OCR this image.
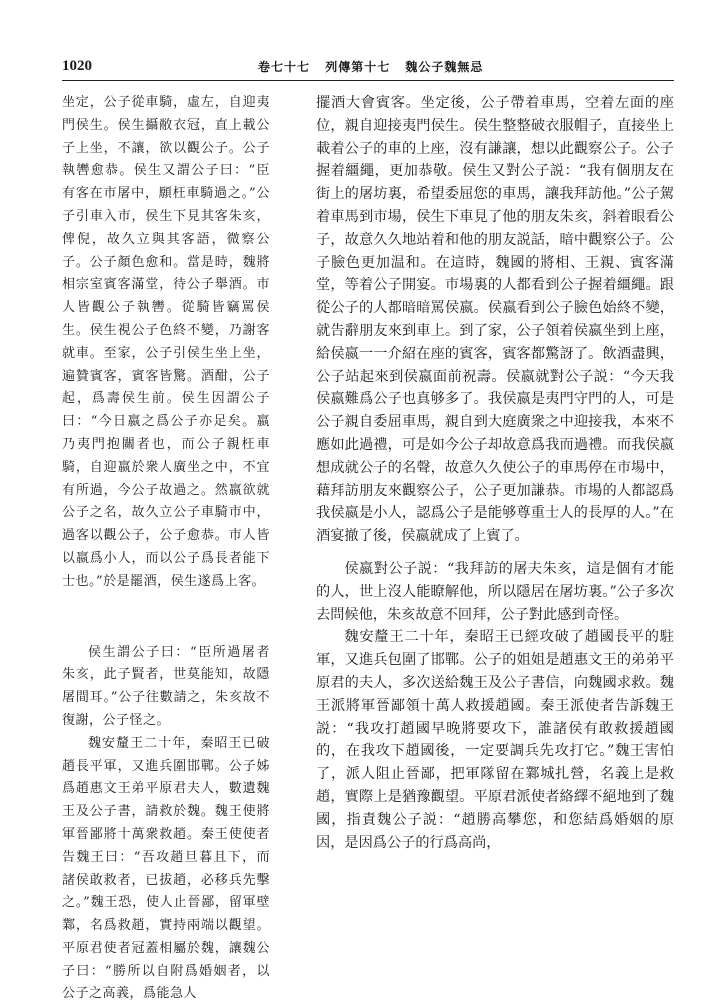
1020	卷七十七 列傳第十七 魏公子魏無忌

坐定，公子從車騎，虛左，自迎夷門侯生。侯生攝敝衣冠，直上載公子上坐，不讓，欲以觀公子。公子執轡愈恭。侯生又謂公子曰：“臣有客在市屠中，願枉車騎過之。”公子引車入市，侯生下見其客朱亥，俾倪，故久立與其客語，微察公子。公子顏色愈和。當是時，魏將相宗室賓客滿堂，待公子舉酒。市人皆觀公子執轡。從騎皆竊罵侯生。侯生視公子色終不變，乃謝客就車。至家，公子引侯生坐上坐，遍贊賓客，賓客皆驚。酒酣，公子起，爲壽侯生前。侯生因謂公子曰：“今日嬴之爲公子亦足矣。嬴乃夷門抱關者也，而公子親枉車騎，自迎嬴於衆人廣坐之中，不宜有所過，今公子故過之。然嬴欲就公子之名，故久立公子車騎市中，過客以觀公子，公子愈恭。市人皆以嬴爲小人，而以公子爲長者能下士也。”於是罷酒，侯生遂爲上客。

侯生謂公子曰：“臣所過屠者朱亥，此子賢者，世莫能知，故隱屠間耳。”公子往數請之，朱亥故不復謝，公子怪之。

魏安釐王二十年，秦昭王已破趙長平軍，又進兵圍邯鄲。公子姊爲趙惠文王弟平原君夫人，數遺魏王及公子書，請救於魏。魏王使將軍晉鄙將十萬衆救趙。秦王使使者告魏王曰：“吾攻趙旦暮且下，而諸侯敢救者，已拔趙，必移兵先擊之。”魏王恐，使人止晉鄙，留軍壁鄴，名爲救趙，實持兩端以觀望。平原君使者冠蓋相屬於魏，讓魏公子曰：“勝所以自附爲婚姻者，以公子之高義，爲能急人

擺酒大會賓客。坐定後，公子帶着車馬，空着左面的座位，親自迎接夷門侯生。侯生整整破衣服帽子，直接坐上載着公子的車的上座，沒有謙讓，想以此觀察公子。公子握着繮繩，更加恭敬。侯生又對公子説：“我有個朋友在街上的屠坊裏，希望委屈您的車馬，讓我拜訪他。”公子駕着車馬到市場，侯生下車見了他的朋友朱亥，斜着眼看公子，故意久久地站着和他的朋友説話，暗中觀察公子。公子臉色更加温和。在這時，魏國的將相、王親、賓客滿堂，等着公子開宴。市場裏的人都看到公子握着繮繩。跟從公子的人都暗暗罵侯嬴。侯嬴看到公子臉色始終不變，就告辭朋友來到車上。到了家，公子領着侯嬴坐到上座，給侯嬴一一介紹在座的賓客，賓客都驚訝了。飲酒盡興，公子站起來到侯嬴面前祝壽。侯嬴就對公子説：“今天我侯嬴難爲公子也真够多了。我侯嬴是夷門守門的人，可是公子親自委屈車馬，親自到大庭廣衆之中迎接我，本來不應如此過禮，可是如今公子却故意爲我而過禮。而我侯嬴想成就公子的名聲，故意久久使公子的車馬停在市場中，藉拜訪朋友來觀察公子，公子更加謙恭。市場的人都認爲我侯嬴是小人，認爲公子是能够尊重士人的長厚的人。”在酒宴撤了後，侯嬴就成了上賓了。

侯嬴對公子説：“我拜訪的屠夫朱亥，這是個有才能的人，世上沒人能瞭解他，所以隱居在屠坊裏。”公子多次去問候他，朱亥故意不回拜，公子對此感到奇怪。

魏安釐王二十年，秦昭王已經攻破了趙國長平的駐軍，又進兵包圍了邯鄲。公子的姐姐是趙惠文王的弟弟平原君的夫人，多次送給魏王及公子書信，向魏國求救。魏王派將軍晉鄙領十萬人救援趙國。秦王派使者告訴魏王説：“我攻打趙國早晚將要攻下，誰諸侯有敢救援趙國的，在我攻下趙國後，一定要調兵先攻打它。”魏王害怕了，派人阻止晉鄙，把軍隊留在鄴城扎營，名義上是救趙，實際上是猶豫觀望。平原君派使者絡繹不絕地到了魏國，指責魏公子説：“趙勝高攀您，和您結爲婚姻的原因，是因爲公子的行爲高尚，
